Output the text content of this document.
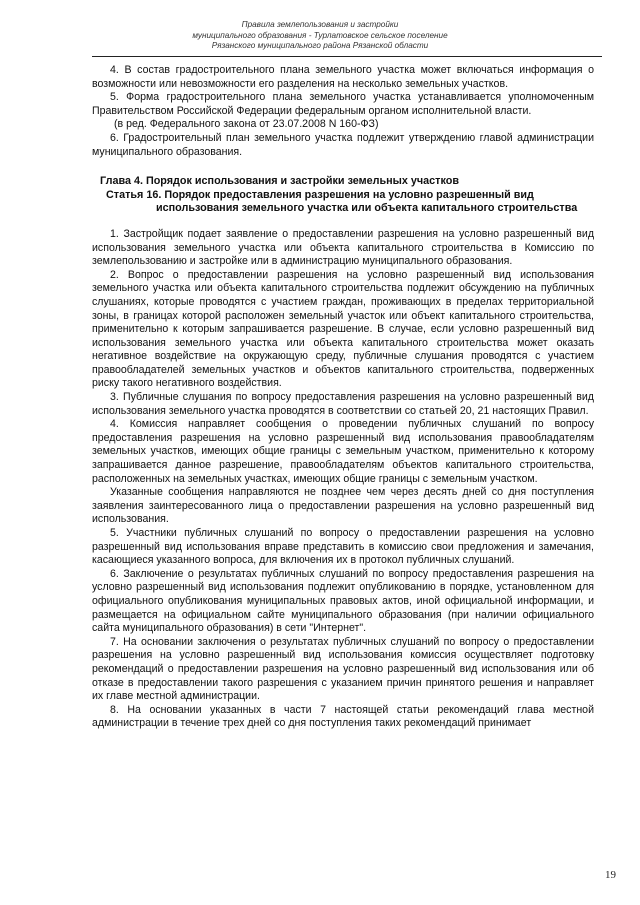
Правила землепользования и застройки
муниципального образования - Турлатовское сельское поселение
Рязанского муниципального района Рязанской области

4. В состав градостроительного плана земельного участка может включаться информация о возможности или невозможности его разделения на несколько земельных участков.

5. Форма градостроительного плана земельного участка устанавливается уполномоченным Правительством Российской Федерации федеральным органом исполнительной власти.

(в ред. Федерального закона от 23.07.2008 N 160-ФЗ)

6. Градостроительный план земельного участка подлежит утверждению главой администрации муниципального образования.

Глава 4. Порядок использования и застройки земельных участков
Статья 16. Порядок предоставления разрешения на условно разрешенный вид
использования земельного участка или объекта капитального строительства

1. Застройщик подает заявление о предоставлении разрешения на условно разрешенный вид использования земельного участка или объекта капитального строительства в Комиссию по землепользованию и застройке или в администрацию муниципального образования.

2. Вопрос о предоставлении разрешения на условно разрешенный вид использования земельного участка или объекта капитального строительства подлежит обсуждению на публичных слушаниях, которые проводятся с участием граждан, проживающих в пределах территориальной зоны, в границах которой расположен земельный участок или объект капитального строительства, применительно к которым запрашивается разрешение. В случае, если условно разрешенный вид использования земельного участка или объекта капитального строительства может оказать негативное воздействие на окружающую среду, публичные слушания проводятся с участием правообладателей земельных участков и объектов капитального строительства, подверженных риску такого негативного воздействия.

3. Публичные слушания по вопросу предоставления разрешения на условно разрешенный вид использования земельного участка проводятся в соответствии со статьей 20, 21 настоящих Правил.

4. Комиссия направляет сообщения о проведении публичных слушаний по вопросу предоставления разрешения на условно разрешенный вид использования правообладателям земельных участков, имеющих общие границы с земельным участком, применительно к которому запрашивается данное разрешение, правообладателям объектов капитального строительства, расположенных на земельных участках, имеющих общие границы с земельным участком.

Указанные сообщения направляются не позднее чем через десять дней со дня поступления заявления заинтересованного лица о предоставлении разрешения на условно разрешенный вид использования.

5. Участники публичных слушаний по вопросу о предоставлении разрешения на условно разрешенный вид использования вправе представить в комиссию свои предложения и замечания, касающиеся указанного вопроса, для включения их в протокол публичных слушаний.

6. Заключение о результатах публичных слушаний по вопросу предоставления разрешения на условно разрешенный вид использования подлежит опубликованию в порядке, установленном для официального опубликования муниципальных правовых актов, иной официальной информации, и размещается на официальном сайте муниципального образования (при наличии официального сайта муниципального образования) в сети "Интернет".

7. На основании заключения о результатах публичных слушаний по вопросу о предоставлении разрешения на условно разрешенный вид использования комиссия осуществляет подготовку рекомендаций о предоставлении разрешения на условно разрешенный вид использования или об отказе в предоставлении такого разрешения с указанием причин принятого решения и направляет их главе местной администрации.

8. На основании указанных в части 7 настоящей статьи рекомендаций глава местной администрации в течение трех дней со дня поступления таких рекомендаций принимает

19
